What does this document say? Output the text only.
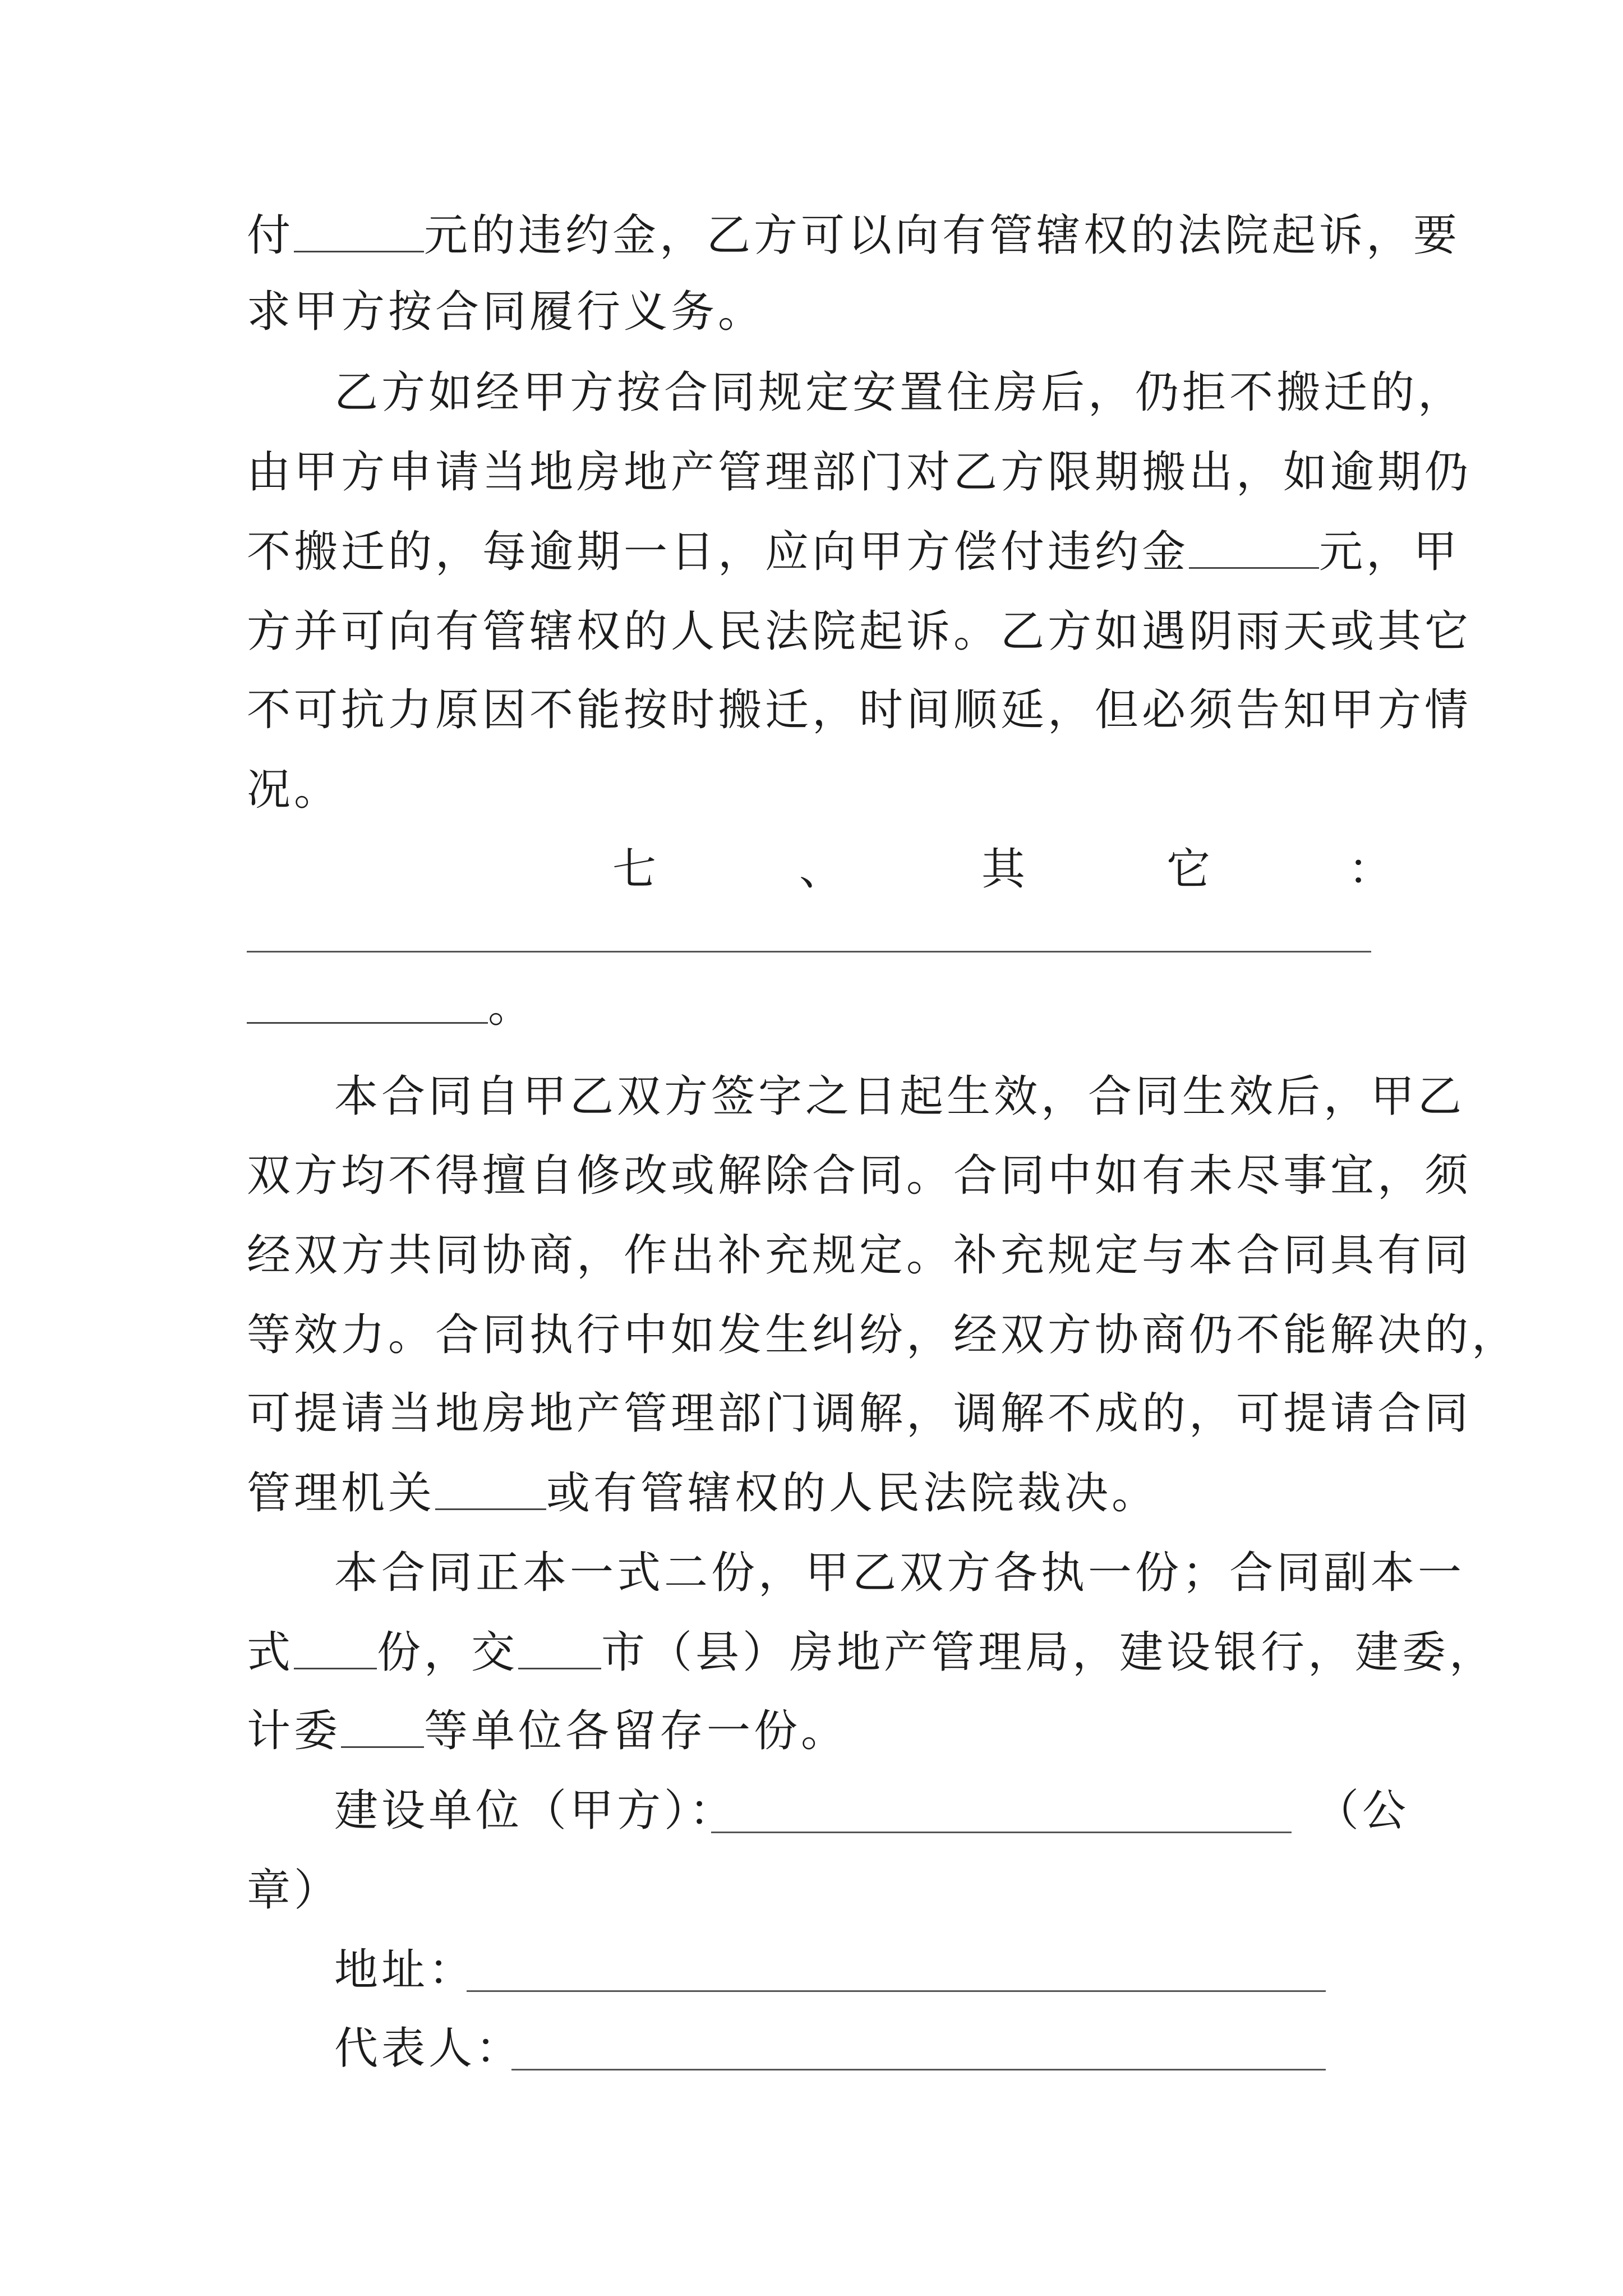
付	元的违约金，乙方可以向有管辖权的法院起诉，要
求甲方按合同履行义务。
乙方如经甲方按合同规定安置住房后，仍拒不搬迁的，
由甲方申请当地房地产管理部门对乙方限期搬出，如逾期仍
不搬迁的，每逾期一日，应向甲方偿付违约金	元，甲
方并可向有管辖权的人民法院起诉。乙方如遇阴雨天或其它
不可抗力原因不能按时搬迁，时间顺延，但必须告知甲方情
况。
七	、	其	它	：
。
本合同自甲乙双方签字之日起生效，合同生效后，甲乙
双方均不得擅自修改或解除合同。合同中如有未尽事宜，须
经双方共同协商，作出补充规定。补充规定与本合同具有同
等效力。合同执行中如发生纠纷，经双方协商仍不能解决的，
可提请当地房地产管理部门调解，调解不成的，可提请合同
管理机关	或有管辖权的人民法院裁决。
本合同正本一式二份，甲乙双方各执一份；合同副本一
式 份，交 市（县）房地产管理局，建设银行，建委，
计委 等单位各留存一份。
建设单位（甲方）：	（公
章）
地址：
代表人：
